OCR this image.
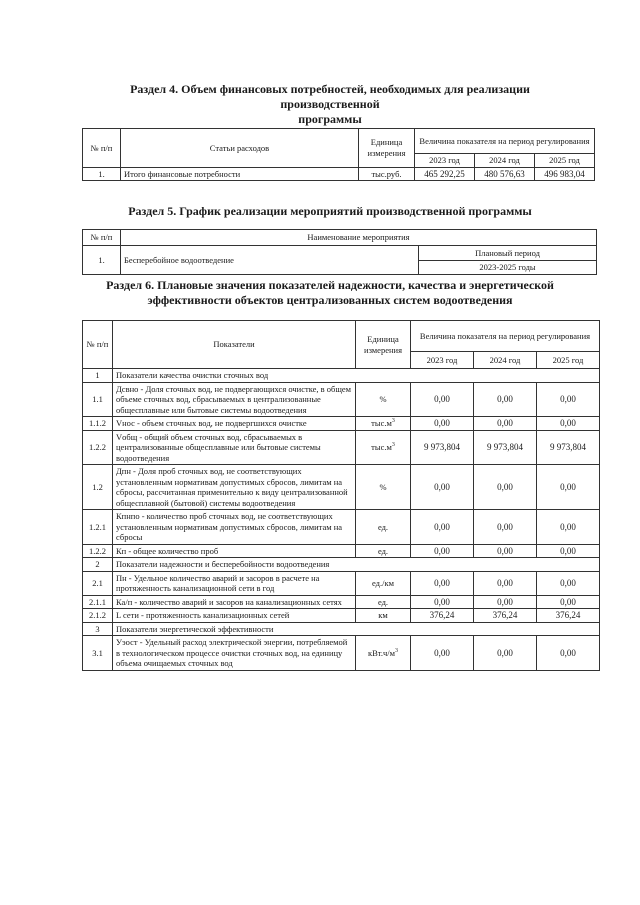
Раздел 4. Объем финансовых потребностей, необходимых для реализации производственной
программы
№ п/п	Статьи расходов	Единица измерения	Величина показателя на период регулирования		
			2023 год	2024 год	2025 год
1.	Итого финансовые потребности	тыс.руб.	465 292,25	480 576,63	496 983,04
Раздел 5. График реализации мероприятий производственной программы
№ п/п	Наименование мероприятия	
1.	Бесперебойное водоотведение	Плановый период
		2023-2025 годы
Раздел 6. Плановые значения показателей надежности, качества и энергетической
эффективности объектов централизованных систем водоотведения
№ п/п	Показатели	Единица измерения	Величина показателя на период регулирования		
			2023 год	2024 год	2025 год
1	Показатели качества очистки сточных вод				
1.1	Дсвно - Доля сточных вод, не подвергающихся очистке, в общем объеме сточных вод, сбрасываемых в централизованные общесплавные или бытовые системы водоотведения	%	0,00	0,00	0,00
1.1.2	Vнос - объем сточных вод, не подвергшихся очистке	$тыс.м^3$	0,00	0,00	0,00
1.2.2	Vобщ - общий объем сточных вод, сбрасываемых в централизованные общесплавные или бытовые системы водоотведения	$тыс.м^3$	9 973,804	9 973,804	9 973,804
1.2	Дпн - Доля проб сточных вод, не соответствующих установленным нормативам допустимых сбросов, лимитам на сбросы, рассчитанная применительно к виду централизованной общесплавной (бытовой) системы водоотведения	%	0,00	0,00	0,00
1.2.1	Кпнпо - количество проб сточных вод, не соответствующих установленным нормативам допустимых сбросов, лимитам на сбросы	ед.	0,00	0,00	0,00
1.2.2	Кп - общее количество проб	ед.	0,00	0,00	0,00
2	Показатели надежности и бесперебойности водоотведения				
2.1	Пн - Удельное количество аварий и засоров в расчете на протяженность канализационной сети в год	ед./км	0,00	0,00	0,00
2.1.1	Ка/п - количество аварий и засоров на канализационных сетях	ед.	0,00	0,00	0,00
2.1.2	L сети - протяженность канализационных сетей	км	376,24	376,24	376,24
3	Показатели энергетической эффективности				
3.1	Уэост - Удельный расход электрической энергии, потребляемой в технологическом процессе очистки сточных вод, на единицу объема очищаемых сточных вод	$кВт.ч/м^3$	0,00	0,00	0,00
